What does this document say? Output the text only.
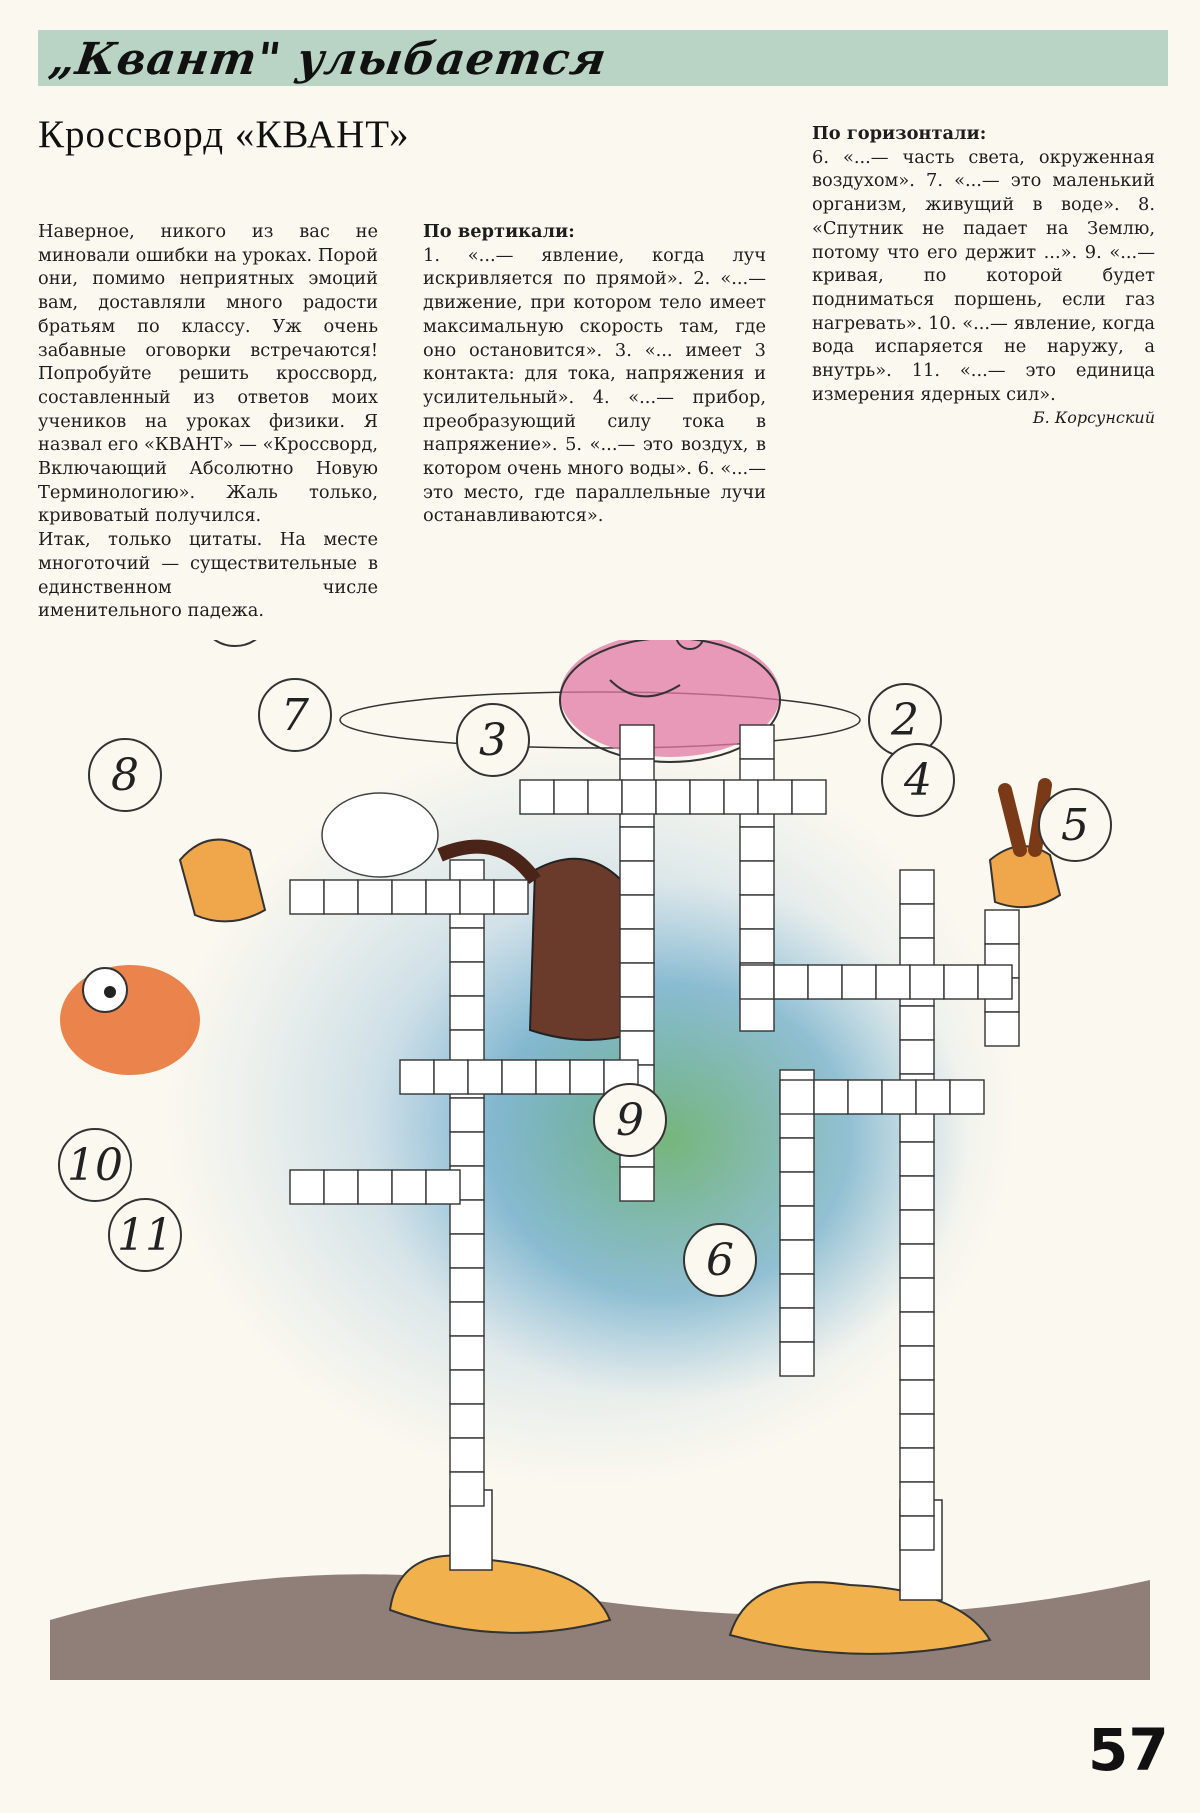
„Квант" улыбается
Кроссворд «КВАНТ»

Наверное, никого из вас не миновали ошибки на уроках. Порой они, помимо неприятных эмоций вам, доставляли много радости братьям по классу. Уж очень забавные оговорки встречаются! Попробуйте решить кроссворд, составленный из ответов моих учеников на уроках физики. Я назвал его «КВАНТ» — «Кроссворд, Включающий Абсолютно Новую Терминологию». Жаль только, кривоватый получился.

Итак, только цитаты. На месте многоточий — существительные в единственном числе именительного падежа.

По вертикали:

1. «...— явление, когда луч искривляется по прямой». 2. «...— движение, при котором тело имеет максимальную скорость там, где оно остановится». 3. «... имеет 3 контакта: для тока, напряжения и усилительный». 4. «...— прибор, преобразующий силу тока в напряжение». 5. «...— это воздух, в котором очень много воды». 6. «...— это место, где параллельные лучи останавливаются».

По горизонтали:

6. «...— часть света, окруженная воздухом». 7. «...— это маленький организм, живущий в воде». 8. «Спутник не падает на Землю, потому что его держит ...». 9. «...— кривая, по которой будет подниматься поршень, если газ нагревать». 10. «...— явление, когда вода испаряется не наружу, а внутрь». 11. «...— это единица измерения ядерных сил».

Б. Корсунский

2
3
4
5
6
7
8
9
10
11
57
